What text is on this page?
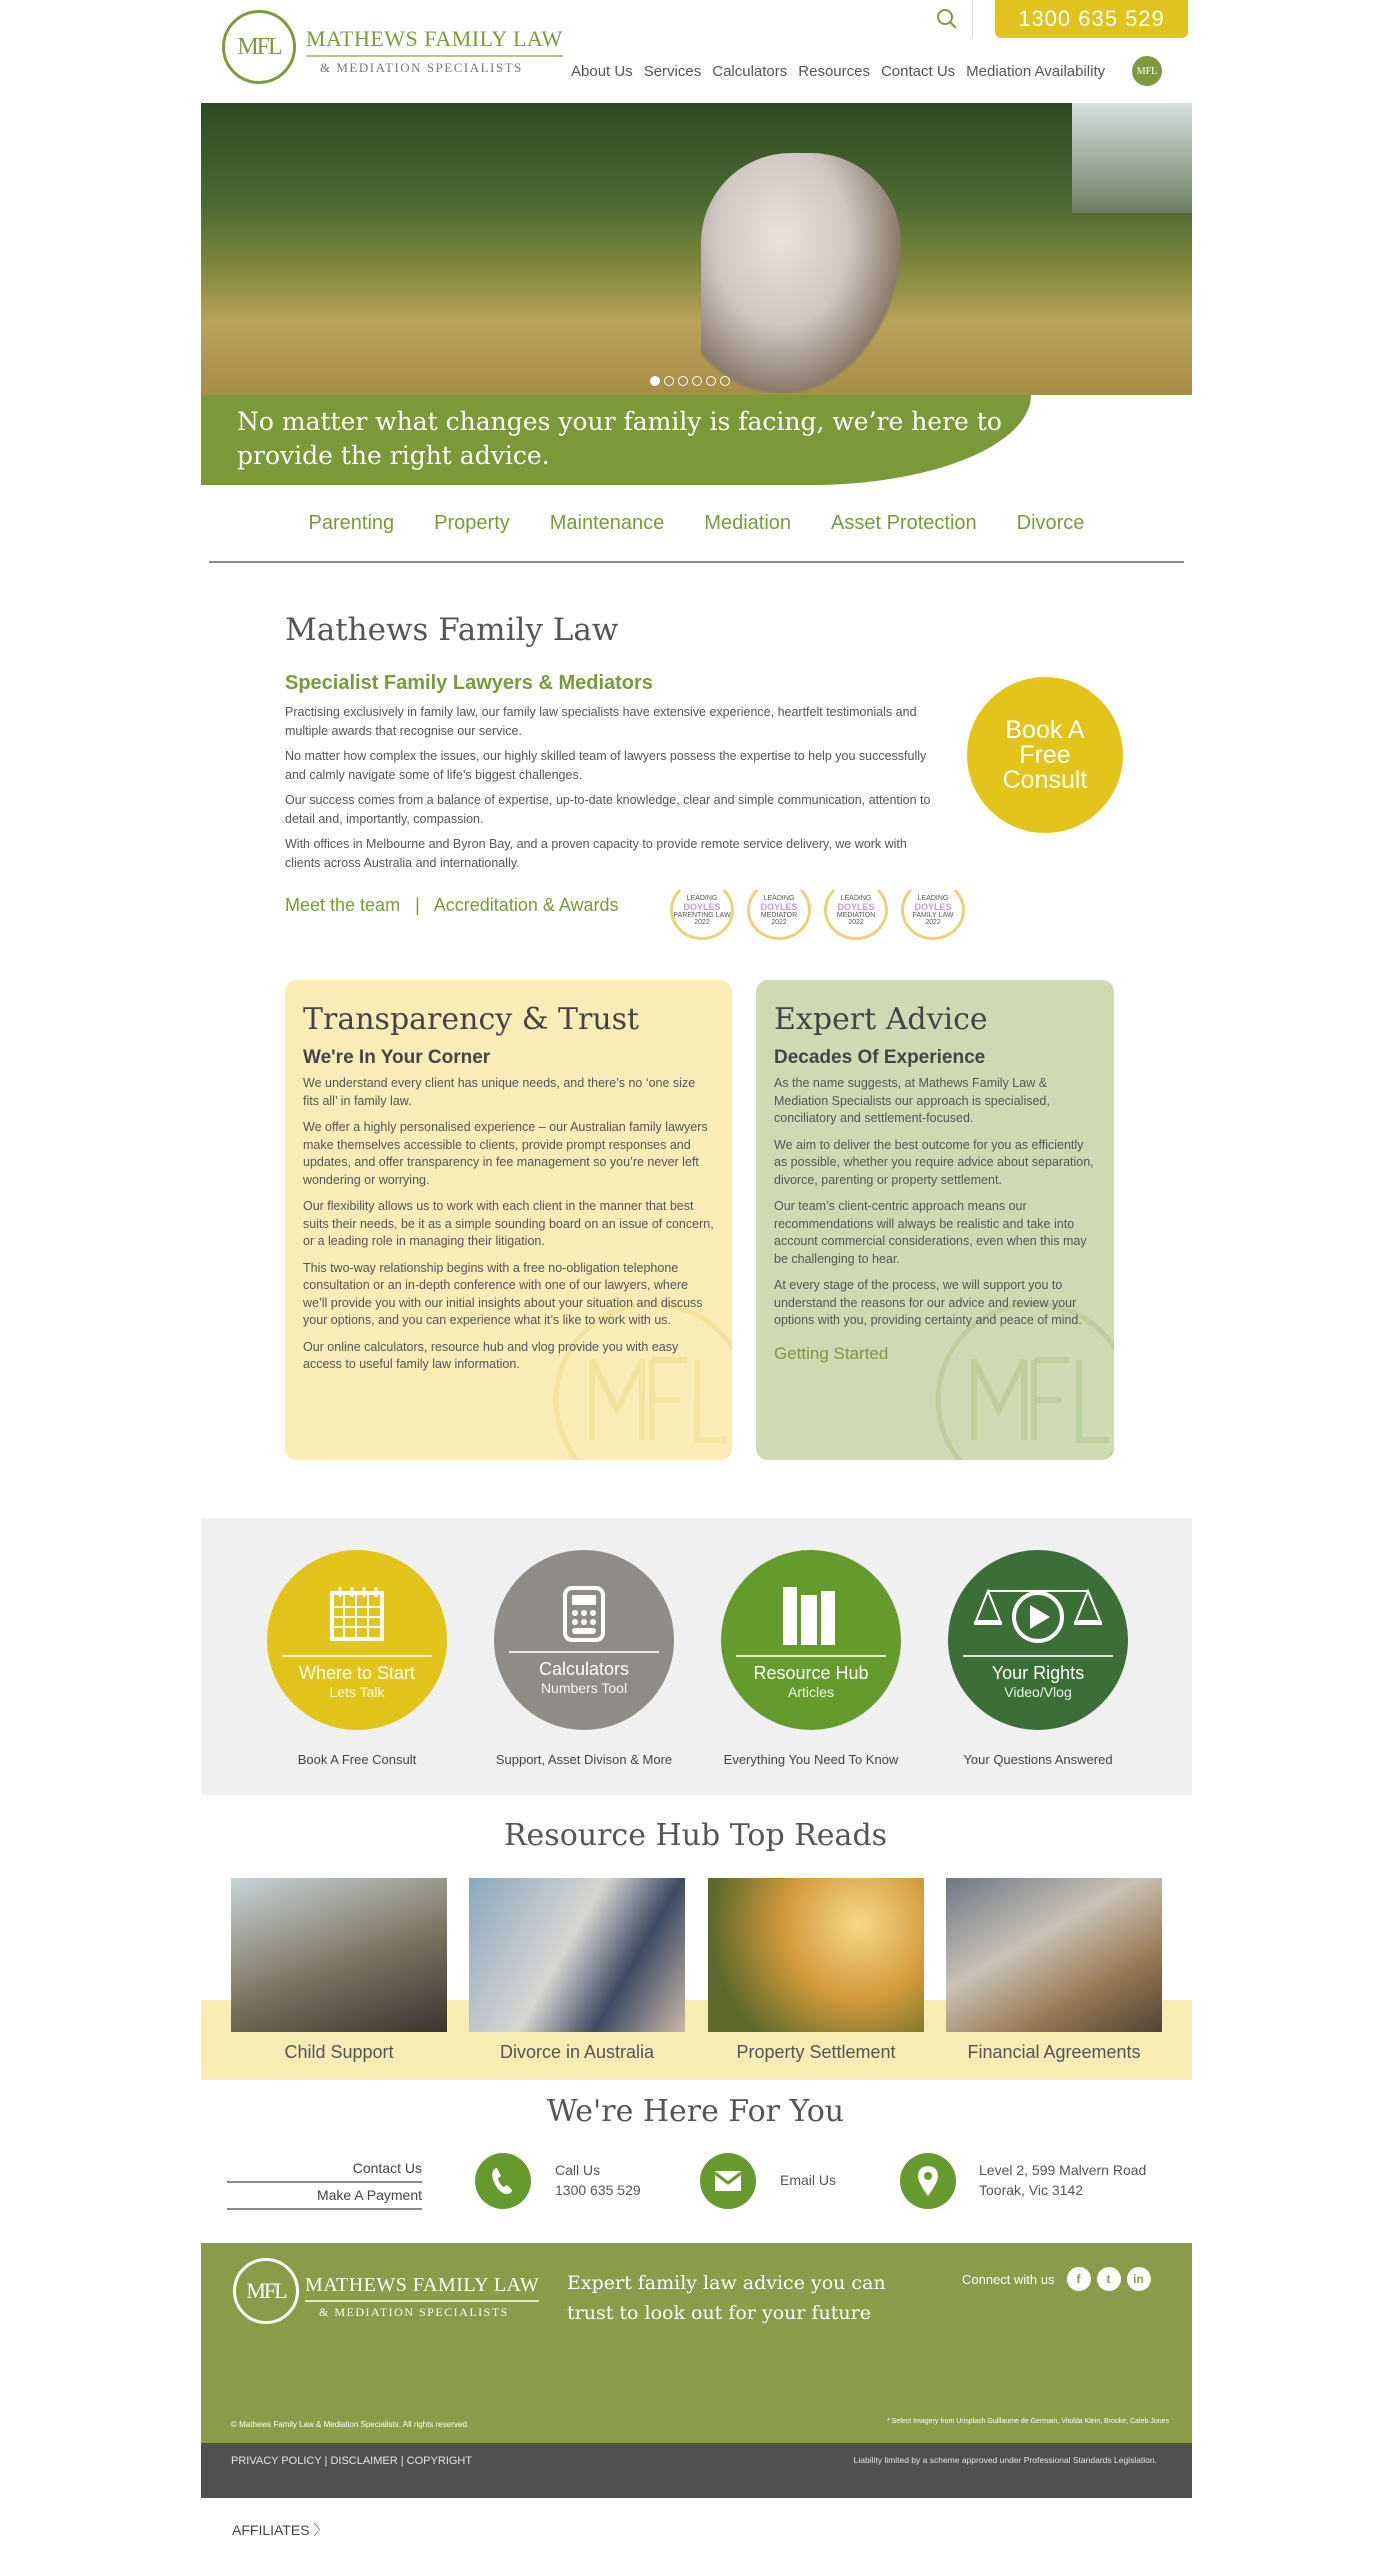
MFL	MATHEWS FAMILY LAW
& MEDIATION SPECIALISTS
1300 635 529
About Us Services Calculators Resources Contact Us Mediation Availability	MFL
No matter what changes your family is facing, we’re here to provide the right advice.
Parenting Property Maintenance Mediation Asset Protection Divorce
Mathews Family Law
Specialist Family Lawyers & Mediators

Practising exclusively in family law, our family law specialists have extensive experience, heartfelt testimonials and multiple awards that recognise our service.

No matter how complex the issues, our highly skilled team of lawyers possess the expertise to help you successfully and calmly navigate some of life’s biggest challenges.

Our success comes from a balance of expertise, up-to-date knowledge, clear and simple communication, attention to detail and, importantly, compassion.

With offices in Melbourne and Byron Bay, and a proven capacity to provide remote service delivery, we work with clients across Australia and internationally.

Meet the team | Accreditation & Awards	LEADING
DOYLES
PARENTING LAW
2022
LEADING
DOYLES
MEDIATOR
2022
LEADING
DOYLES
MEDIATION
2022
LEADING
DOYLES
FAMILY LAW
2022
Book A Free Consult
Transparency & Trust
We're In Your Corner

We understand every client has unique needs, and there’s no ‘one size fits all’ in family law.

We offer a highly personalised experience – our Australian family lawyers make themselves accessible to clients, provide prompt responses and updates, and offer transparency in fee management so you’re never left wondering or worrying.

Our flexibility allows us to work with each client in the manner that best suits their needs, be it as a simple sounding board on an issue of concern, or a leading role in managing their litigation.

This two-way relationship begins with a free no-obligation telephone consultation or an in-depth conference with one of our lawyers, where we’ll provide you with our initial insights about your situation and discuss your options, and you can experience what it’s like to work with us.

Our online calculators, resource hub and vlog provide you with easy access to useful family law information.

Expert Advice
Decades Of Experience

As the name suggests, at Mathews Family Law & Mediation Specialists our approach is specialised, conciliatory and settlement-focused.

We aim to deliver the best outcome for you as efficiently as possible, whether you require advice about separation, divorce, parenting or property settlement.

Our team’s client-centric approach means our recommendations will always be realistic and take into account commercial considerations, even when this may be challenging to hear.

At every stage of the process, we will support you to understand the reasons for our advice and review your options with you, providing certainty and peace of mind.

Getting Started
Where to Start
Lets Talk
Book A Free Consult
Calculators
Numbers Tool
Support, Asset Divison & More
Resource Hub
Articles
Everything You Need To Know
Your Rights
Video/Vlog
Your Questions Answered
Resource Hub Top Reads
Child Support	Divorce in Australia	Property Settlement	Financial Agreements
We're Here For You
Contact Us
Make A Payment
Call Us
1300 635 529
Email Us
Level 2, 599 Malvern Road
Toorak, Vic 3142
MFL MATHEWS FAMILY LAW
& MEDIATION SPECIALISTS
Expert family law advice you can trust to look out for your future
Connect with us	f	t	in
© Mathews Family Law & Mediation Specialists. All rights reserved.	* Select Imagery from Unsplash Guillaume de Germain, Vitolda Klein, Brooke, Caleb Jones
PRIVACY POLICY | DISCLAIMER | COPYRIGHT	Liability limited by a scheme approved under Professional Standards Legislation.
AFFILIATES 〉
